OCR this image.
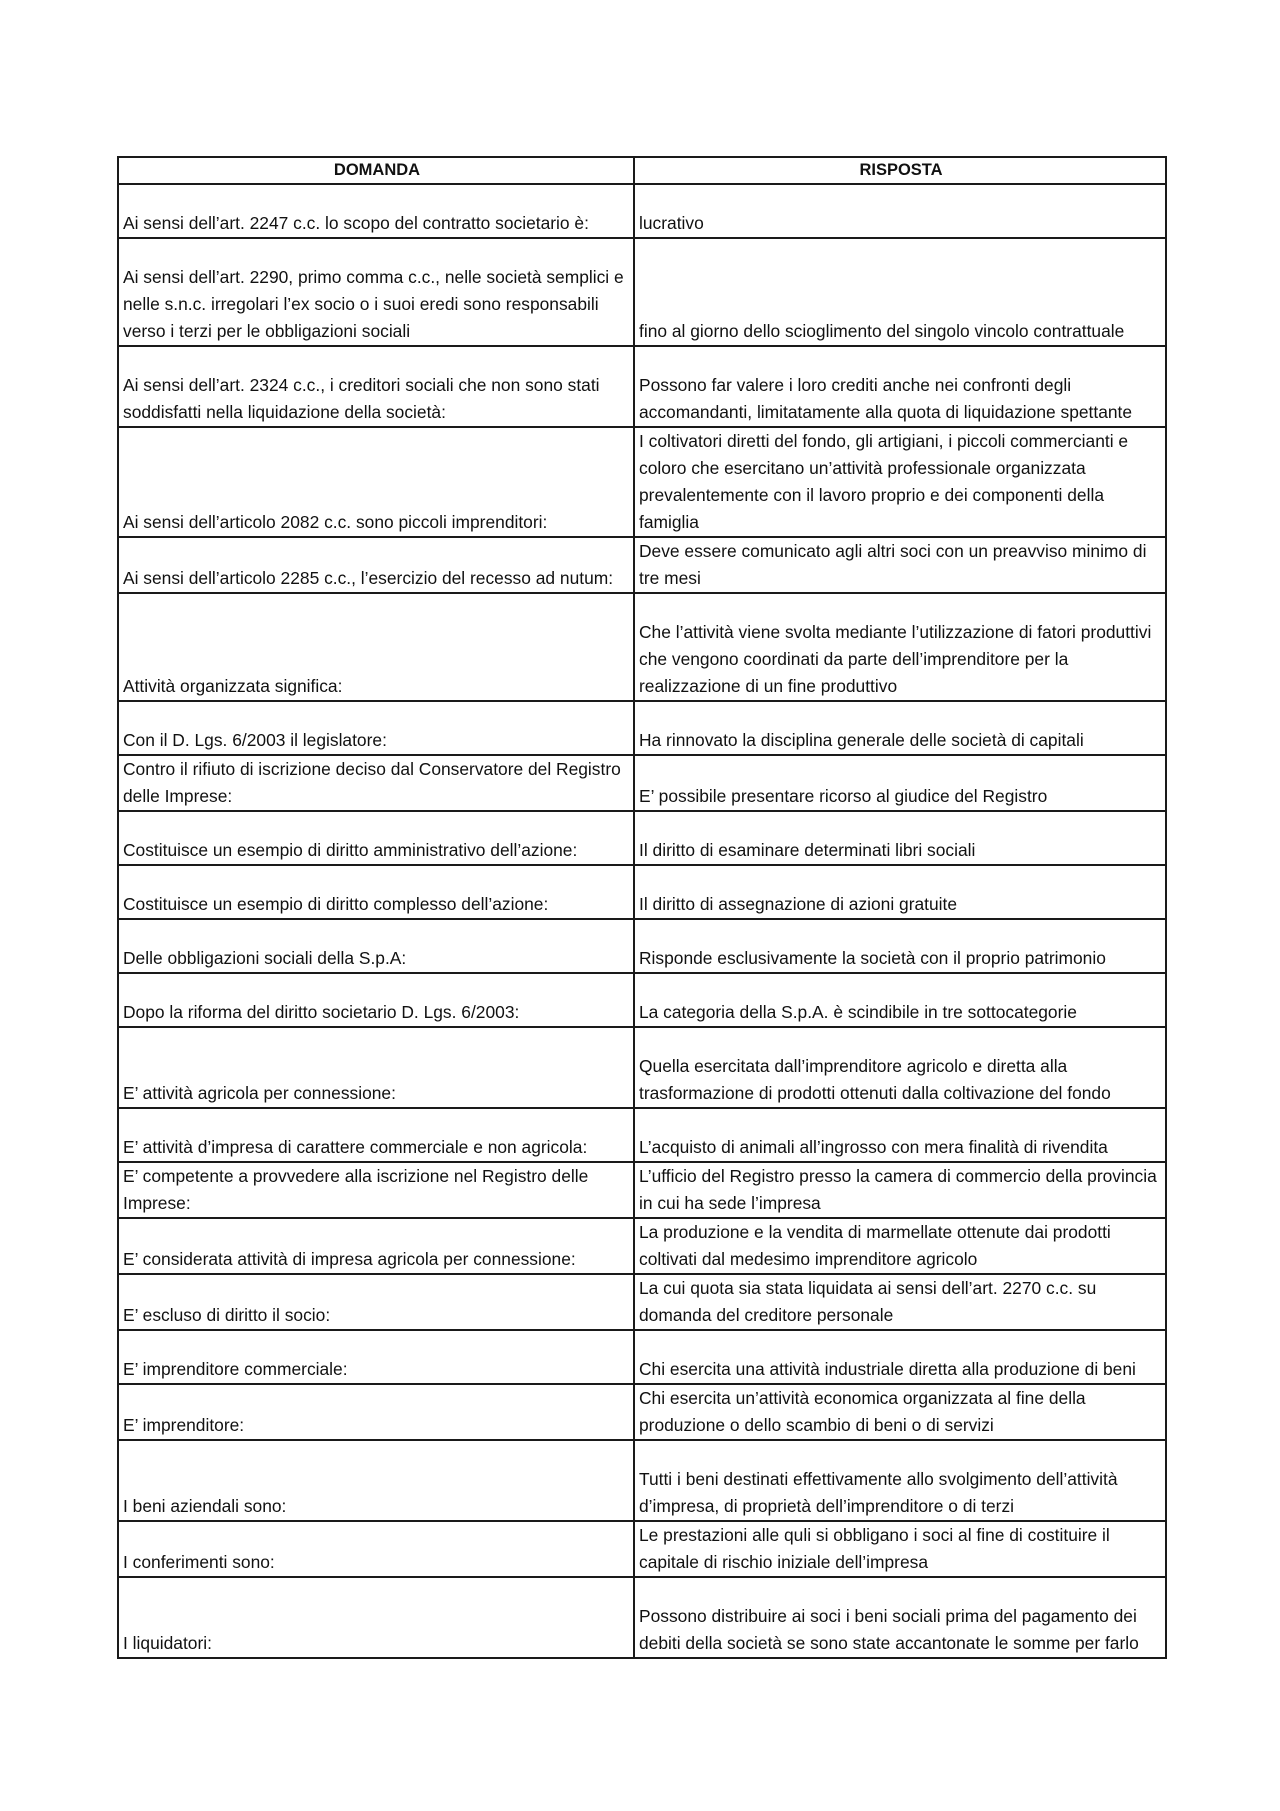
DOMANDA	RISPOSTA
Ai sensi dell’art. 2247 c.c. lo scopo del contratto societario è:	lucrativo
Ai sensi dell’art. 2290, primo comma c.c., nelle società semplici e nelle s.n.c. irregolari l’ex socio o i suoi eredi sono responsabili verso i terzi per le obbligazioni sociali	fino al giorno dello scioglimento del singolo vincolo contrattuale
Ai sensi dell’art. 2324 c.c., i creditori sociali che non sono stati soddisfatti nella liquidazione della società:	Possono far valere i loro crediti anche nei confronti degli accomandanti, limitatamente alla quota di liquidazione spettante
Ai sensi dell’articolo 2082 c.c. sono piccoli imprenditori:	I coltivatori diretti del fondo, gli artigiani, i piccoli commercianti e coloro che esercitano un’attività professionale organizzata prevalentemente con il lavoro proprio e dei componenti della famiglia
Ai sensi dell’articolo 2285 c.c., l’esercizio del recesso ad nutum:	Deve essere comunicato agli altri soci con un preavviso minimo di tre mesi
Attività organizzata significa:	Che l’attività viene svolta mediante l’utilizzazione di fatori produttivi che vengono coordinati da parte dell’imprenditore per la realizzazione di un fine produttivo
Con il D. Lgs. 6/2003 il legislatore:	Ha rinnovato la disciplina generale delle società di capitali
Contro il rifiuto di iscrizione deciso dal Conservatore del Registro delle Imprese:	E’ possibile presentare ricorso al giudice del Registro
Costituisce un esempio di diritto amministrativo dell’azione:	Il diritto di esaminare determinati libri sociali
Costituisce un esempio di diritto complesso dell’azione:	Il diritto di assegnazione di azioni gratuite
Delle obbligazioni sociali della S.p.A:	Risponde esclusivamente la società con il proprio patrimonio
Dopo la riforma del diritto societario D. Lgs. 6/2003:	La categoria della S.p.A. è scindibile in tre sottocategorie
E’ attività agricola per connessione:	Quella esercitata dall’imprenditore agricolo e diretta alla trasformazione di prodotti ottenuti dalla coltivazione del fondo
E’ attività d’impresa di carattere commerciale e non agricola:	L’acquisto di animali all’ingrosso con mera finalità di rivendita
E’ competente a provvedere alla iscrizione nel Registro delle Imprese:	L’ufficio del Registro presso la camera di commercio della provincia in cui ha sede l’impresa
E’ considerata attività di impresa agricola per connessione:	La produzione e la vendita di marmellate ottenute dai prodotti coltivati dal medesimo imprenditore agricolo
E’ escluso di diritto il socio:	La cui quota sia stata liquidata ai sensi dell’art. 2270 c.c. su domanda del creditore personale
E’ imprenditore commerciale:	Chi esercita una attività industriale diretta alla produzione di beni
E’ imprenditore:	Chi esercita un’attività economica organizzata al fine della produzione o dello scambio di beni o di servizi
I beni aziendali sono:	Tutti i beni destinati effettivamente allo svolgimento dell’attività d’impresa, di proprietà dell’imprenditore o di terzi
I conferimenti sono:	Le prestazioni alle quli si obbligano i soci al fine di costituire il capitale di rischio iniziale dell’impresa
I liquidatori:	Possono distribuire ai soci i beni sociali prima del pagamento dei debiti della società se sono state accantonate le somme per farlo
